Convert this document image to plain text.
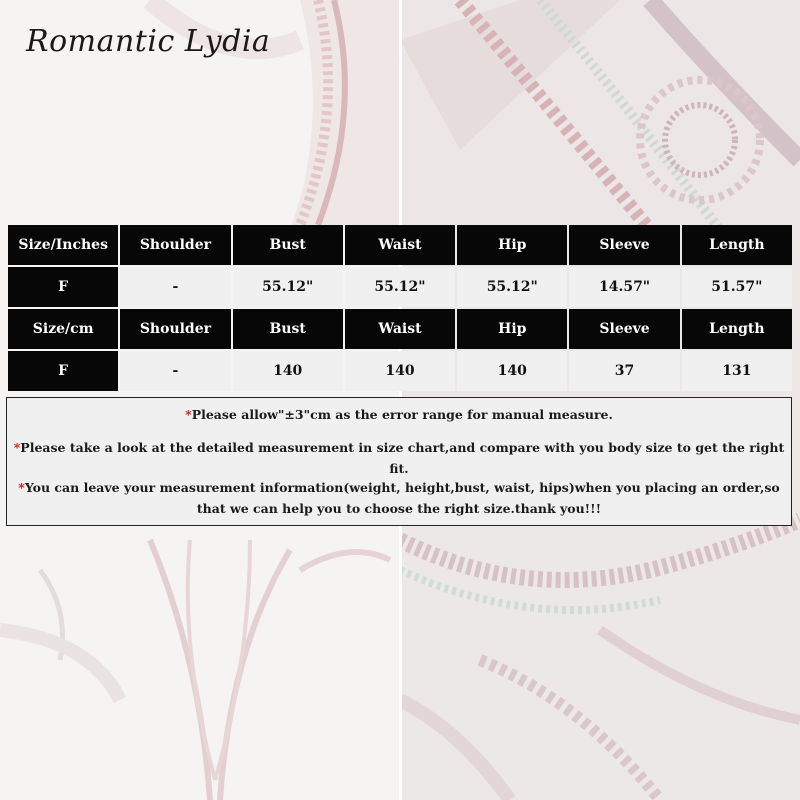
Romantic Lydia
Size/Inches	Shoulder	Bust	Waist	Hip	Sleeve	Length
F	-	55.12"	55.12"	55.12"	14.57"	51.57"
Size/cm	Shoulder	Bust	Waist	Hip	Sleeve	Length
F	-	140	140	140	37	131

*Please allow"±3"cm as the error range for manual measure.

*Please take a look at the detailed measurement in size chart,and compare with you body size to get the right fit.

*You can leave your measurement information(weight, height,bust, waist, hips)when you placing an order,so that we can help you to choose the right size.thank you!!!
